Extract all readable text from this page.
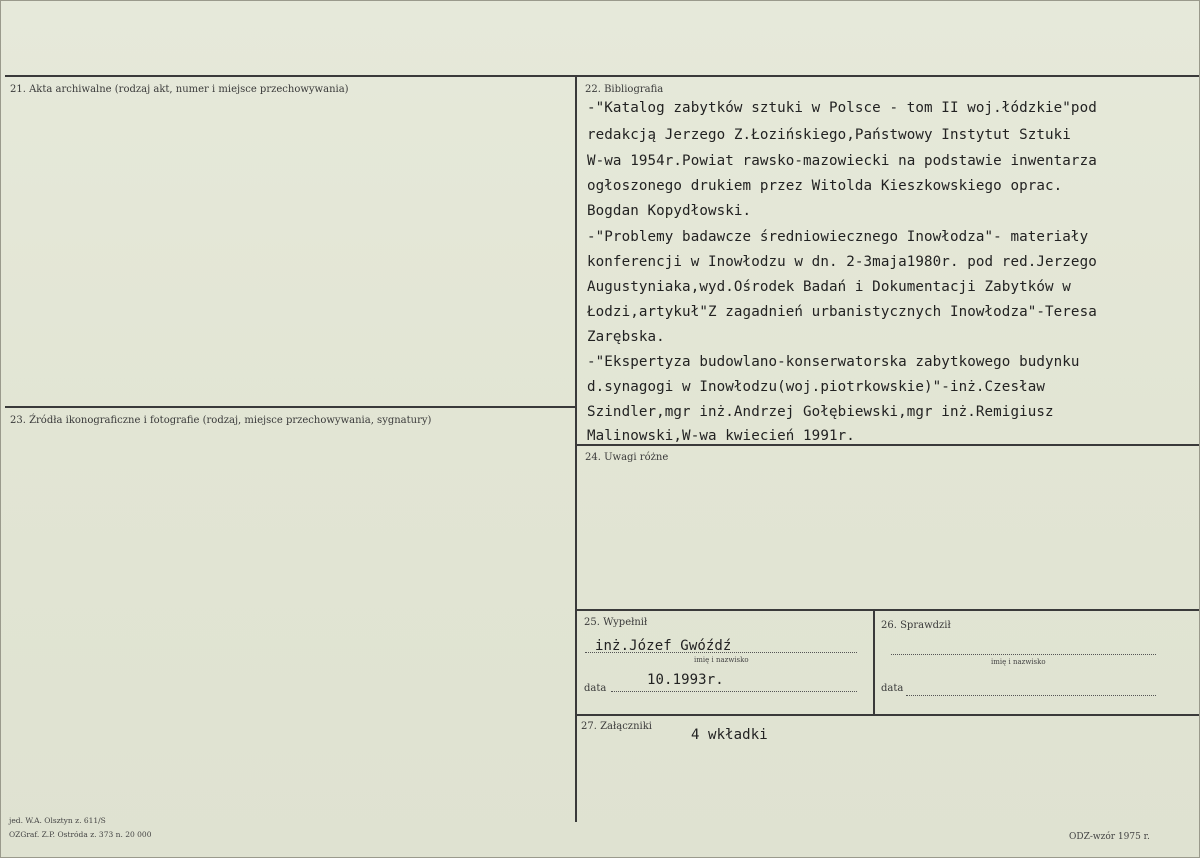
21. Akta archiwalne (rodzaj akt, numer i miejsce przechowywania)	22. Bibliografia
-"Katalog zabytków sztuki w Polsce - tom II woj.łódzkie"pod
redakcją Jerzego Z.Łozińskiego,Państwowy Instytut Sztuki
W-wa 1954r.Powiat rawsko-mazowiecki na podstawie inwentarza
ogłoszonego drukiem przez Witolda Kieszkowskiego oprac.
Bogdan Kopydłowski.
-"Problemy badawcze średniowiecznego Inowłodza"- materiały
konferencji w Inowłodzu w dn. 2-3maja1980r. pod red.Jerzego
Augustyniaka,wyd.Ośrodek Badań i Dokumentacji Zabytków w
Łodzi,artykuł"Z zagadnień urbanistycznych Inowłodza"-Teresa
Zarębska.
-"Ekspertyza budowlano-konserwatorska zabytkowego budynku
d.synagogi w Inowłodzu(woj.piotrkowskie)"-inż.Czesław
Szindler,mgr inż.Andrzej Gołębiewski,mgr inż.Remigiusz
Malinowski,W-wa kwiecień 1991r.
23. Źródła ikonograficzne i fotografie (rodzaj, miejsce przechowywania, sygnatury)
24. Uwagi różne
25. Wypełnił
inż.Józef Gwóźdź
imię i nazwisko
data
10.1993r.
26. Sprawdził
imię i nazwisko
data
27. Załączniki
4 wkładki
jed. W.A. Olsztyn z. 611/S
OZGraf. Z.P. Ostróda z. 373 n. 20 000	ODZ-wzór 1975 r.
